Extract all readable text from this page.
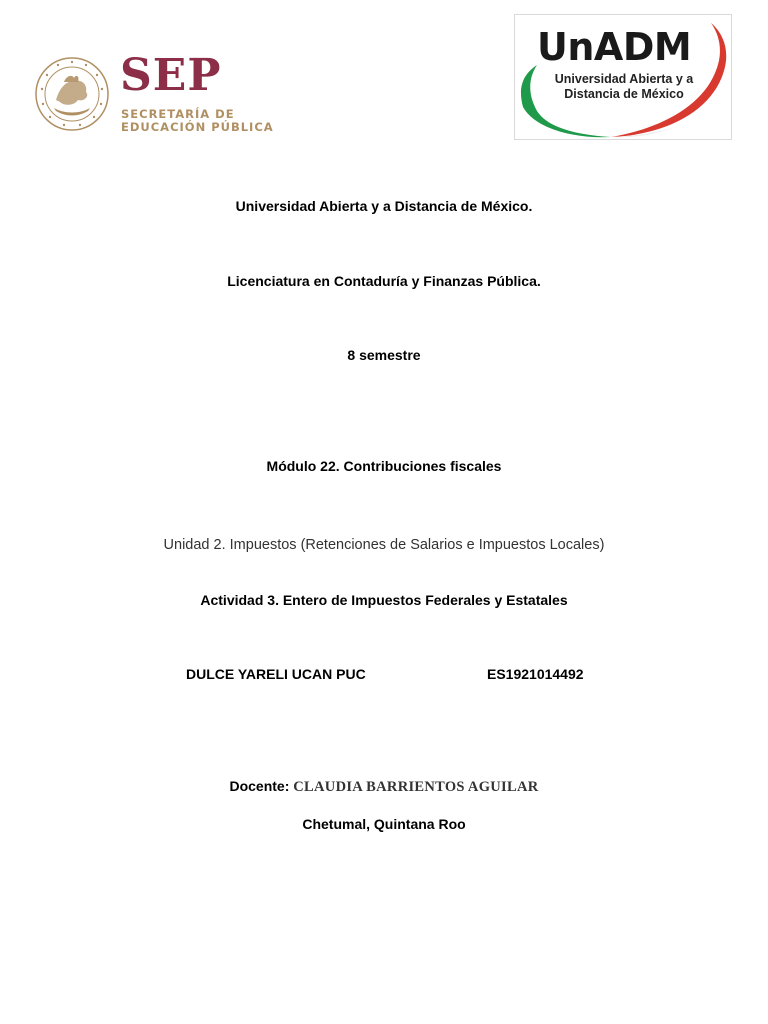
SEP
SECRETARÍA DE
EDUCACIÓN PÚBLICA
UnADM
Universidad Abierta y a
Distancia de México
Universidad Abierta y a Distancia de México.
Licenciatura en Contaduría y Finanzas Pública.
8 semestre
Módulo 22. Contribuciones fiscales
Unidad 2. Impuestos (Retenciones de Salarios e Impuestos Locales)
Actividad 3. Entero de Impuestos Federales y Estatales
DULCE YARELI UCAN PUC	ES1921014492
Docente: CLAUDIA BARRIENTOS AGUILAR
Chetumal, Quintana Roo
